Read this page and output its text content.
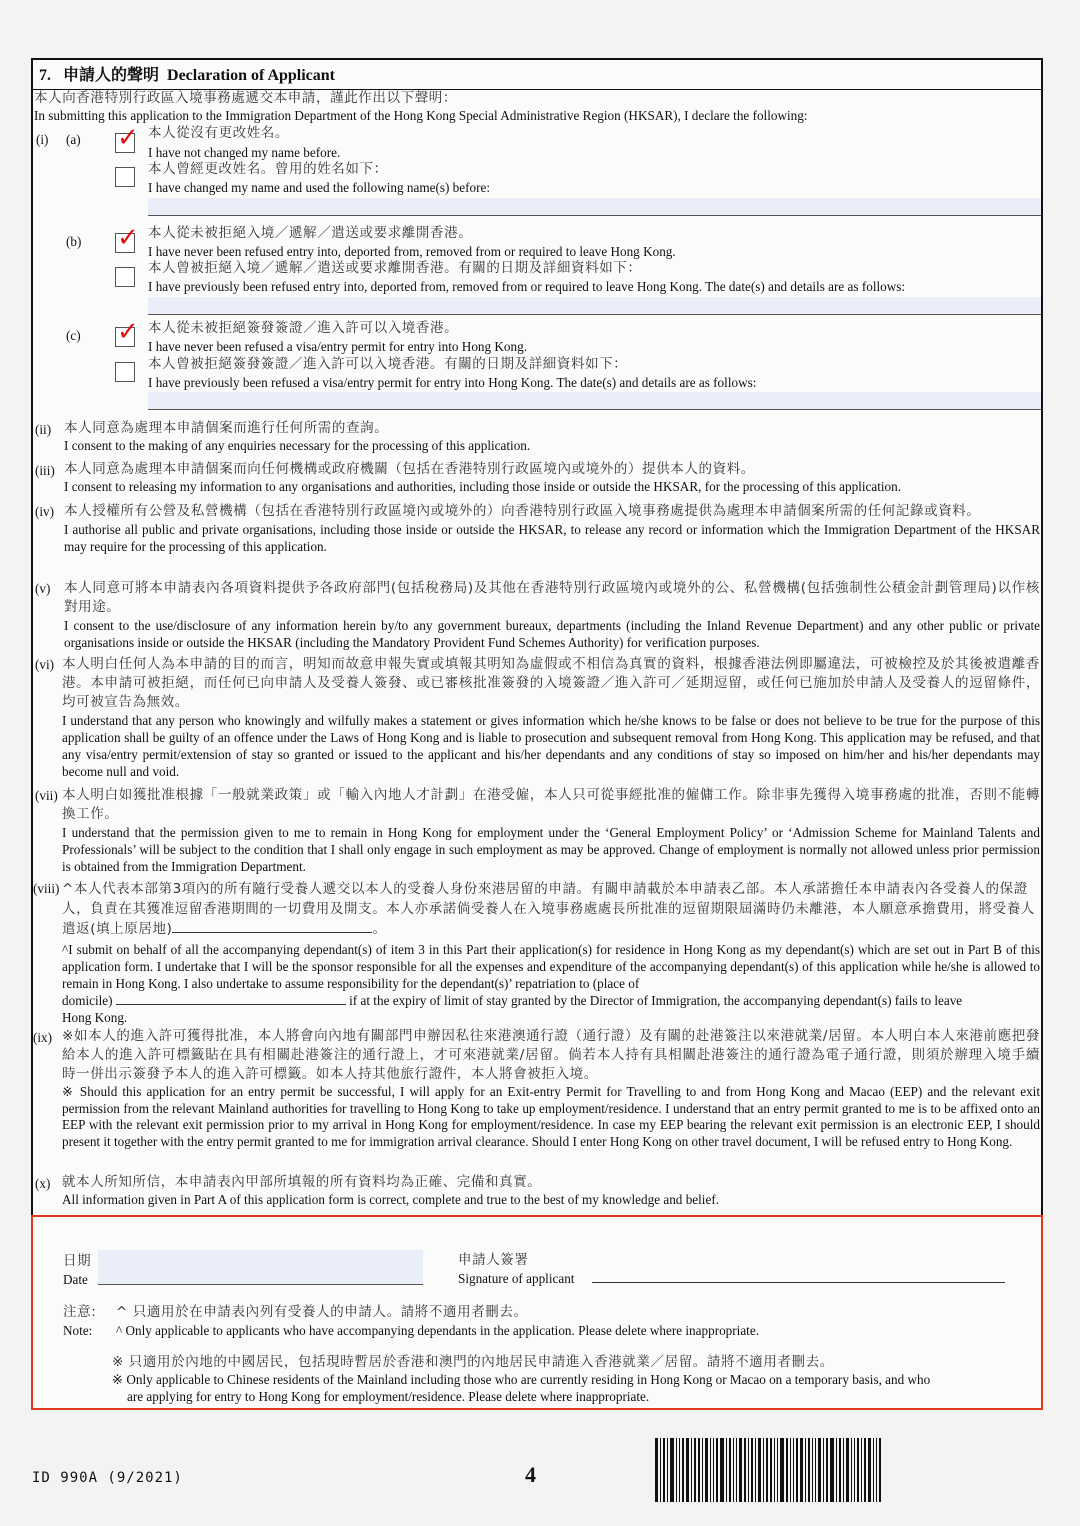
7. 申請人的聲明 Declaration of Applicant
本人向香港特別行政區入境事務處遞交本申請，謹此作出以下聲明：
In submitting this application to the Immigration Department of the Hong Kong Special Administrative Region (HKSAR), I declare the following:
(i) (a) ✓ 本人從沒有更改姓名。
I have not changed my name before.
本人曾經更改姓名。曾用的姓名如下：
I have changed my name and used the following name(s) before:
(b) ✓ 本人從未被拒絕入境／遞解／遣送或要求離開香港。
I have never been refused entry into, deported from, removed from or required to leave Hong Kong.
本人曾被拒絕入境／遞解／遣送或要求離開香港。有關的日期及詳細資料如下：
I have previously been refused entry into, deported from, removed from or required to leave Hong Kong. The date(s) and details are as follows:
(c) ✓ 本人從未被拒絕簽發簽證／進入許可以入境香港。
I have never been refused a visa/entry permit for entry into Hong Kong.
本人曾被拒絕簽發簽證／進入許可以入境香港。有關的日期及詳細資料如下：
I have previously been refused a visa/entry permit for entry into Hong Kong. The date(s) and details are as follows:
(ii) 本人同意為處理本申請個案而進行任何所需的查詢。
I consent to the making of any enquiries necessary for the processing of this application.
(iii) 本人同意為處理本申請個案而向任何機構或政府機關（包括在香港特別行政區境內或境外的）提供本人的資料。
I consent to releasing my information to any organisations and authorities, including those inside or outside the HKSAR, for the processing of this application.
(iv) 本人授權所有公營及私營機構（包括在香港特別行政區境內或境外的）向香港特別行政區入境事務處提供為處理本申請個案所需的任何記錄或資料。
I authorise all public and private organisations, including those inside or outside the HKSAR, to release any record or information which the Immigration Department of the HKSAR may require for the processing of this application.
(v) 本人同意可將本申請表內各項資料提供予各政府部門(包括稅務局)及其他在香港特別行政區境內或境外的公、私營機構(包括強制性公積金計劃管理局)以作核對用途。
I consent to the use/disclosure of any information herein by/to any government bureaux, departments (including the Inland Revenue Department) and any other public or private organisations inside or outside the HKSAR (including the Mandatory Provident Fund Schemes Authority) for verification purposes.
(vi) 本人明白任何人為本申請的目的而言，明知而故意申報失實或填報其明知為虛假或不相信為真實的資料，根據香港法例即屬違法，可被檢控及於其後被遣離香港。本申請可被拒絕，而任何已向申請人及受養人簽發、或已審核批准簽發的入境簽證／進入許可／延期逗留，或任何已施加於申請人及受養人的逗留條件，均可被宣告為無效。
I understand that any person who knowingly and wilfully makes a statement or gives information which he/she knows to be false or does not believe to be true for the purpose of this application shall be guilty of an offence under the Laws of Hong Kong and is liable to prosecution and subsequent removal from Hong Kong. This application may be refused, and that any visa/entry permit/extension of stay so granted or issued to the applicant and his/her dependants and any conditions of stay so imposed on him/her and his/her dependants may become null and void.
(vii) 本人明白如獲批准根據「一般就業政策」或「輸入內地人才計劃」在港受僱，本人只可從事經批准的僱傭工作。除非事先獲得入境事務處的批准，否則不能轉換工作。
I understand that the permission given to me to remain in Hong Kong for employment under the ‘General Employment Policy’ or ‘Admission Scheme for Mainland Talents and Professionals’ will be subject to the condition that I shall only engage in such employment as may be approved. Change of employment is normally not allowed unless prior permission is obtained from the Immigration Department.
(viii) ^本人代表本部第3項內的所有隨行受養人遞交以本人的受養人身份來港居留的申請。有關申請載於本申請表乙部。本人承諾擔任本申請表內各受養人的保證人，負責在其獲准逗留香港期間的一切費用及開支。本人亦承諾倘受養人在入境事務處處長所批准的逗留期限屆滿時仍未離港，本人願意承擔費用，將受養人遣返(填上原居地)	。
^I submit on behalf of all the accompanying dependant(s) of item 3 in this Part their application(s) for residence in Hong Kong as my dependant(s) which are set out in Part B of this application form. I undertake that I will be the sponsor responsible for all the expenses and expenditure of the accompanying dependant(s) of this application while he/she is allowed to remain in Hong Kong. I also undertake to assume responsibility for the dependant(s)’ repatriation to (place of
domicile)	if at the expiry of limit of stay granted by the Director of Immigration, the accompanying dependant(s) fails to leave
Hong Kong.
(ix) ※如本人的進入許可獲得批准，本人將會向內地有關部門申辦因私往來港澳通行證（通行證）及有關的赴港簽注以來港就業/居留。本人明白本人來港前應把發給本人的進入許可標籤貼在具有相關赴港簽注的通行證上，才可來港就業/居留。倘若本人持有具相關赴港簽注的通行證為電子通行證，則須於辦理入境手續時一併出示簽發予本人的進入許可標籤。如本人持其他旅行證件，本人將會被拒入境。
※ Should this application for an entry permit be successful, I will apply for an Exit-entry Permit for Travelling to and from Hong Kong and Macao (EEP) and the relevant exit permission from the relevant Mainland authorities for travelling to Hong Kong to take up employment/residence. I understand that an entry permit granted to me is to be affixed onto an EEP with the relevant exit permission prior to my arrival in Hong Kong for employment/residence. In case my EEP bearing the relevant exit permission is an electronic EEP, I should present it together with the entry permit granted to me for immigration arrival clearance. Should I enter Hong Kong on other travel document, I will be refused entry to Hong Kong.
(x) 就本人所知所信，本申請表內甲部所填報的所有資料均為正確、完備和真實。
All information given in Part A of this application form is correct, complete and true to the best of my knowledge and belief.
日期
Date
申請人簽署
Signature of applicant
注意:
Note:
^ 只適用於在申請表內列有受養人的申請人。請將不適用者刪去。
^ Only applicable to applicants who have accompanying dependants in the application. Please delete where inappropriate.
※ 只適用於內地的中國居民，包括現時暫居於香港和澳門的內地居民申請進入香港就業／居留。請將不適用者刪去。
※ Only applicable to Chinese residents of the Mainland including those who are currently residing in Hong Kong or Macao on a temporary basis, and who
are applying for entry to Hong Kong for employment/residence. Please delete where inappropriate.
ID 990A (9/2021)	4
